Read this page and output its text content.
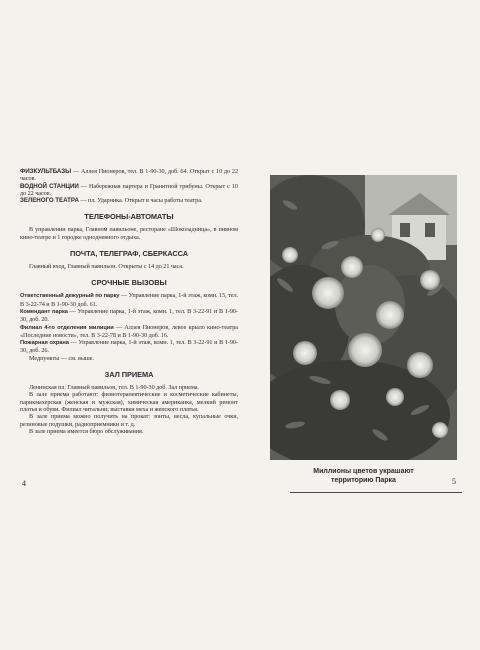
ФИЗКУЛЬТБАЗЫ — Аллея Пионеров, тел. В 1-90-30, доб. 64. Открыт с 10 до 22 часов.

ВОДНОЙ СТАНЦИИ — Набережная партера и Гранитной трибуны. Открыт с 10 до 22 часов.

ЗЕЛЕНОГО ТЕАТРА — пл. Ударника. Открыт в часы работы театра.

ТЕЛЕФОНЫ-АВТОМАТЫ

В управлении парка, Главном павильоне, ресторане «Шоколадница», в пивном кино-театре и 1 городке однодневного отдыха.

ПОЧТА, ТЕЛЕГРАФ, СБЕРКАССА

Главный вход, Главный павильон. Открыты с 14 до 21 часа.

СРОЧНЫЕ ВЫЗОВЫ

Ответственный дежурный по парку — Управление парка, 1-й этаж, комн. 15, тел. В 3-22-74 и В 1-90-30 доб. 61.

Комендант парка — Управление парка, 1-й этаж, комн. 1, тел. В 3-22-91 и В 1-90-30, доб. 20.

Филиал 4-го отделения милиции — Аллея Пионеров, левое крыло кино-театра «Последние новости», тел. В 3-22-78 и В 1-90-30 доб. 16.

Пожарная охрана — Управление парка, 1-й этаж, комн. 1, тел. В 3-22-91 и В 1-90-30, доб. 26.

Медпункты — см. выше.

ЗАЛ ПРИЕМА

Ленинская пл. Главный павильон, тел. В 1-90-30 доб. Зал приема.

В зале приема работают: физиотерапевтические и косметические кабинеты, парикмахерская (женская и мужская), химическая американка, мелкий ремонт платья и обуви. Филиал читальни; выставки меха и женского платья.

В зале приема можно получить на прокат: зонты, весла, купальные очки, резиновые подушки, радиоприемники и т. д.

В зале приема имеется бюро обслуживания.

4
Миллионы цветов украшают
территорию Парка	5
